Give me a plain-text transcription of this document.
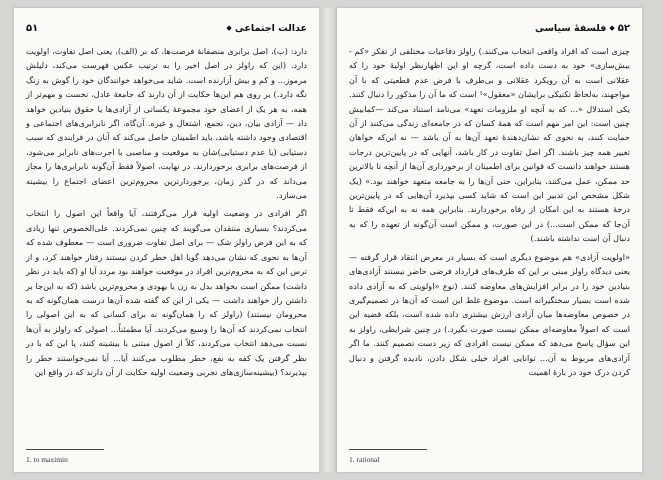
عدالت اجتماعی
◆
۵۱

دارد: (ب)، اصل برابری منصفانهٔ فرصت‌ها، که بر (الف)، یعنی اصل تفاوت، اولویت دارد. (این که راولز در اصل اخیر را به ترتیب عکس فهرست می‌کند، دلیلش مرموز... و کم و بیش آزارنده است. شاید می‌خواهد خوانندگان خود را گوش به زنگ نگه دارد.) بر روی هم این‌ها حکایت از آن دارند که جامعهٔ عادل، نخست و مهم‌تر از همه، به هر یک از اعضای خود مجموعهٔ یکسانی از آزادی‌ها یا حقوق بنیادین خواهد داد — آزادی بیان، دین، تجمع، اشتغال و غیره. آن‌گاه، اگر نابرابری‌های اجتماعی و اقتصادی وجود داشته باشد، باید اطمینان حاصل می‌کند که آنان در فرایندی که سبب دستیابی (یا عدم دستیابی)شان به موقعیت و مناصبی با اجرت‌های نابرابر می‌شود، از فرصت‌های برابری برخوردارند. در نهایت، اصولاً فقط آن‌گونه نابرابری‌ها را مجاز می‌داند که در گذر زمان، برخوردارترین محروم‌ترین اعضای اجتماع را بیشینه می‌سازد.

اگر افرادی در وضعیت اولیه قرار می‌گرفتند، آیا واقعاً این اصول را انتخاب می‌کردند؟ بسیاری منتقدان می‌گویند که چنین نمی‌کردند. علی‌الخصوص تنها زیادی که به این فرض راولز شک — برای اصل تفاوت ضروری است — معطوف شده که آن‌ها به نحوی که نشان می‌دهد گویا اهل خطر کردن نیستند رفتار خواهند کرد، و از ترس این که به محروم‌ترین افراد در موقعیت خواهند بود مردد آیا او (که باید در نظر داشت) ممکن است بخواهد بدل به زن یا یهودی و محروم‌ترین باشد (که به این‌جا بر داشتن راز خواهند داشت — یکی از این که گفته شده آن‌ها درست همان‌گونه که به محرومان نیستند) (راولز که را همان‌گونه نه برای کسانی که به این اصولی را انتخاب نمی‌کردند که آن‌ها را وسیع می‌کردند. آیا مطمئناً... اصولی که راولز به آن‌ها نسبت می‌دهد انتخاب می‌کردند، کلاً از اصول مبتنی با بیشینه کنند، یا این که با در نظر گرفتن یک کفه به نفع، خطر مطلوب می‌کنند آیا... آیا نمی‌خواستند خطر را بپذیرند؟ (بیشینه‌سازی‌های تجربی وضعیت اولیه حکایت از آن دارند که در واقع این

1. to maximin
۵۲
◆
فلسفهٔ سیاسی

چیزی است که افراد واقعی انتخاب می‌کنند.) راولز دفاعیات مختلفی از تفکر «کم - بیش‌سازی» خود به دست داده است، گرچه او این اظهارنظر اولیهٔ خود را که عقلانی است به آن رویکرد عقلانی و بی‌طرف با فرض عدم قطعیتی که با آن مواجهند، به‌لحاظ تکنیکی برایشان «معقول»¹ است که ما آن را مذکور را دنبال کنند. یکی استدلال «... که به آنچه او ملزومات تعهد» می‌نامد استناد می‌کند —کمابیش چنین است: این امر مهم است که همهٔ کسان که در جامعه‌ای زندگی می‌کنند از آن حمایت کنند، به نحوی که نشان‌دهندهٔ تعهد آن‌ها به آن باشد — نه این‌که خواهان تغییر همه چیز باشند. اگر اصل تفاوت در کار باشد، آنهایی که در پایین‌ترین درجات هستند خواهند دانست که قوانین برای اطمینان از برخورداری آن‌ها از آنچه تا بالاترین حد ممکن، عمل می‌کنند، بنابراین، حتی آن‌ها را به جامعه متعهد خواهند بود.» (یک شکل مشخص این تدبیر این است که شاید کسی بپذیرد آن‌هایی که در پایین‌ترین درجهٔ هستند به این امکان از رفاه برخوردارند. بنابراین همه نه به این‌که فقط تا آن‌جا که ممکن است...) در این صورت، و ممکن است آن‌گونه از تعهده را که به دنبال آن است نداشته باشند.)

«اولویت آزادی» هم موضوع دیگری است که بسیار در معرض انتقاد قرار گرفته — یعنی دیدگاه راولز مبنی بر این که طرف‌های قرارداد فرضی حاضر نیستند آزادی‌های بنیادین خود را در برابر افزایش‌های معاوضه کنند. (نوع «اولویتی که به آزادی داده شده است بسیار سختگیرانه است. موضوع غلط این است که آن‌ها در تصمیم‌گیری در خصوص معاوضه‌ها میان آزادی ارزش بیشتری داده شده است، بلکه قضیه این است که اصولاً معاوضه‌ای ممکن نیست صورت بگیرد.) در چنین شرایطی، راولز به این سؤال پاسخ می‌دهد که ممکن نیست افرادی که زیر دست تصمیم کنند. ما اگر آزادی‌های مربوط به آن... توانایی افراد خیلی شکل دادن، نادیده گرفتن و دنبال کردن درک خود در بارهٔ اهمیت

1. rational
